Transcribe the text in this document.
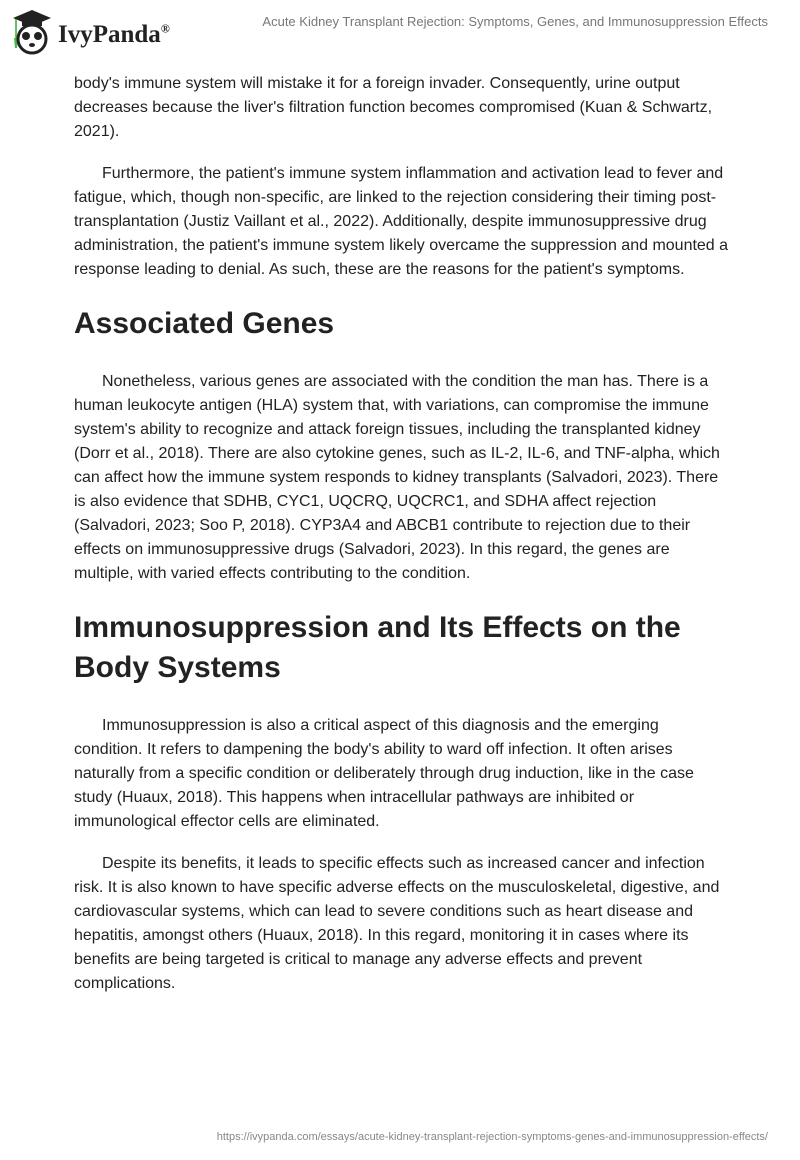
IvyPanda®	Acute Kidney Transplant Rejection: Symptoms, Genes, and Immunosuppression Effects

body's immune system will mistake it for a foreign invader. Consequently, urine output decreases because the liver's filtration function becomes compromised (Kuan & Schwartz, 2021).

Furthermore, the patient's immune system inflammation and activation lead to fever and fatigue, which, though non-specific, are linked to the rejection considering their timing post-transplantation (Justiz Vaillant et al., 2022). Additionally, despite immunosuppressive drug administration, the patient's immune system likely overcame the suppression and mounted a response leading to denial. As such, these are the reasons for the patient's symptoms.

Associated Genes

Nonetheless, various genes are associated with the condition the man has. There is a human leukocyte antigen (HLA) system that, with variations, can compromise the immune system's ability to recognize and attack foreign tissues, including the transplanted kidney (Dorr et al., 2018). There are also cytokine genes, such as IL-2, IL-6, and TNF-alpha, which can affect how the immune system responds to kidney transplants (Salvadori, 2023). There is also evidence that SDHB, CYC1, UQCRQ, UQCRC1, and SDHA affect rejection (Salvadori, 2023; Soo P, 2018). CYP3A4 and ABCB1 contribute to rejection due to their effects on immunosuppressive drugs (Salvadori, 2023). In this regard, the genes are multiple, with varied effects contributing to the condition.

Immunosuppression and Its Effects on the Body Systems

Immunosuppression is also a critical aspect of this diagnosis and the emerging condition. It refers to dampening the body's ability to ward off infection. It often arises naturally from a specific condition or deliberately through drug induction, like in the case study (Huaux, 2018). This happens when intracellular pathways are inhibited or immunological effector cells are eliminated.

Despite its benefits, it leads to specific effects such as increased cancer and infection risk. It is also known to have specific adverse effects on the musculoskeletal, digestive, and cardiovascular systems, which can lead to severe conditions such as heart disease and hepatitis, amongst others (Huaux, 2018). In this regard, monitoring it in cases where its benefits are being targeted is critical to manage any adverse effects and prevent complications.

https://ivypanda.com/essays/acute-kidney-transplant-rejection-symptoms-genes-and-immunosuppression-effects/
